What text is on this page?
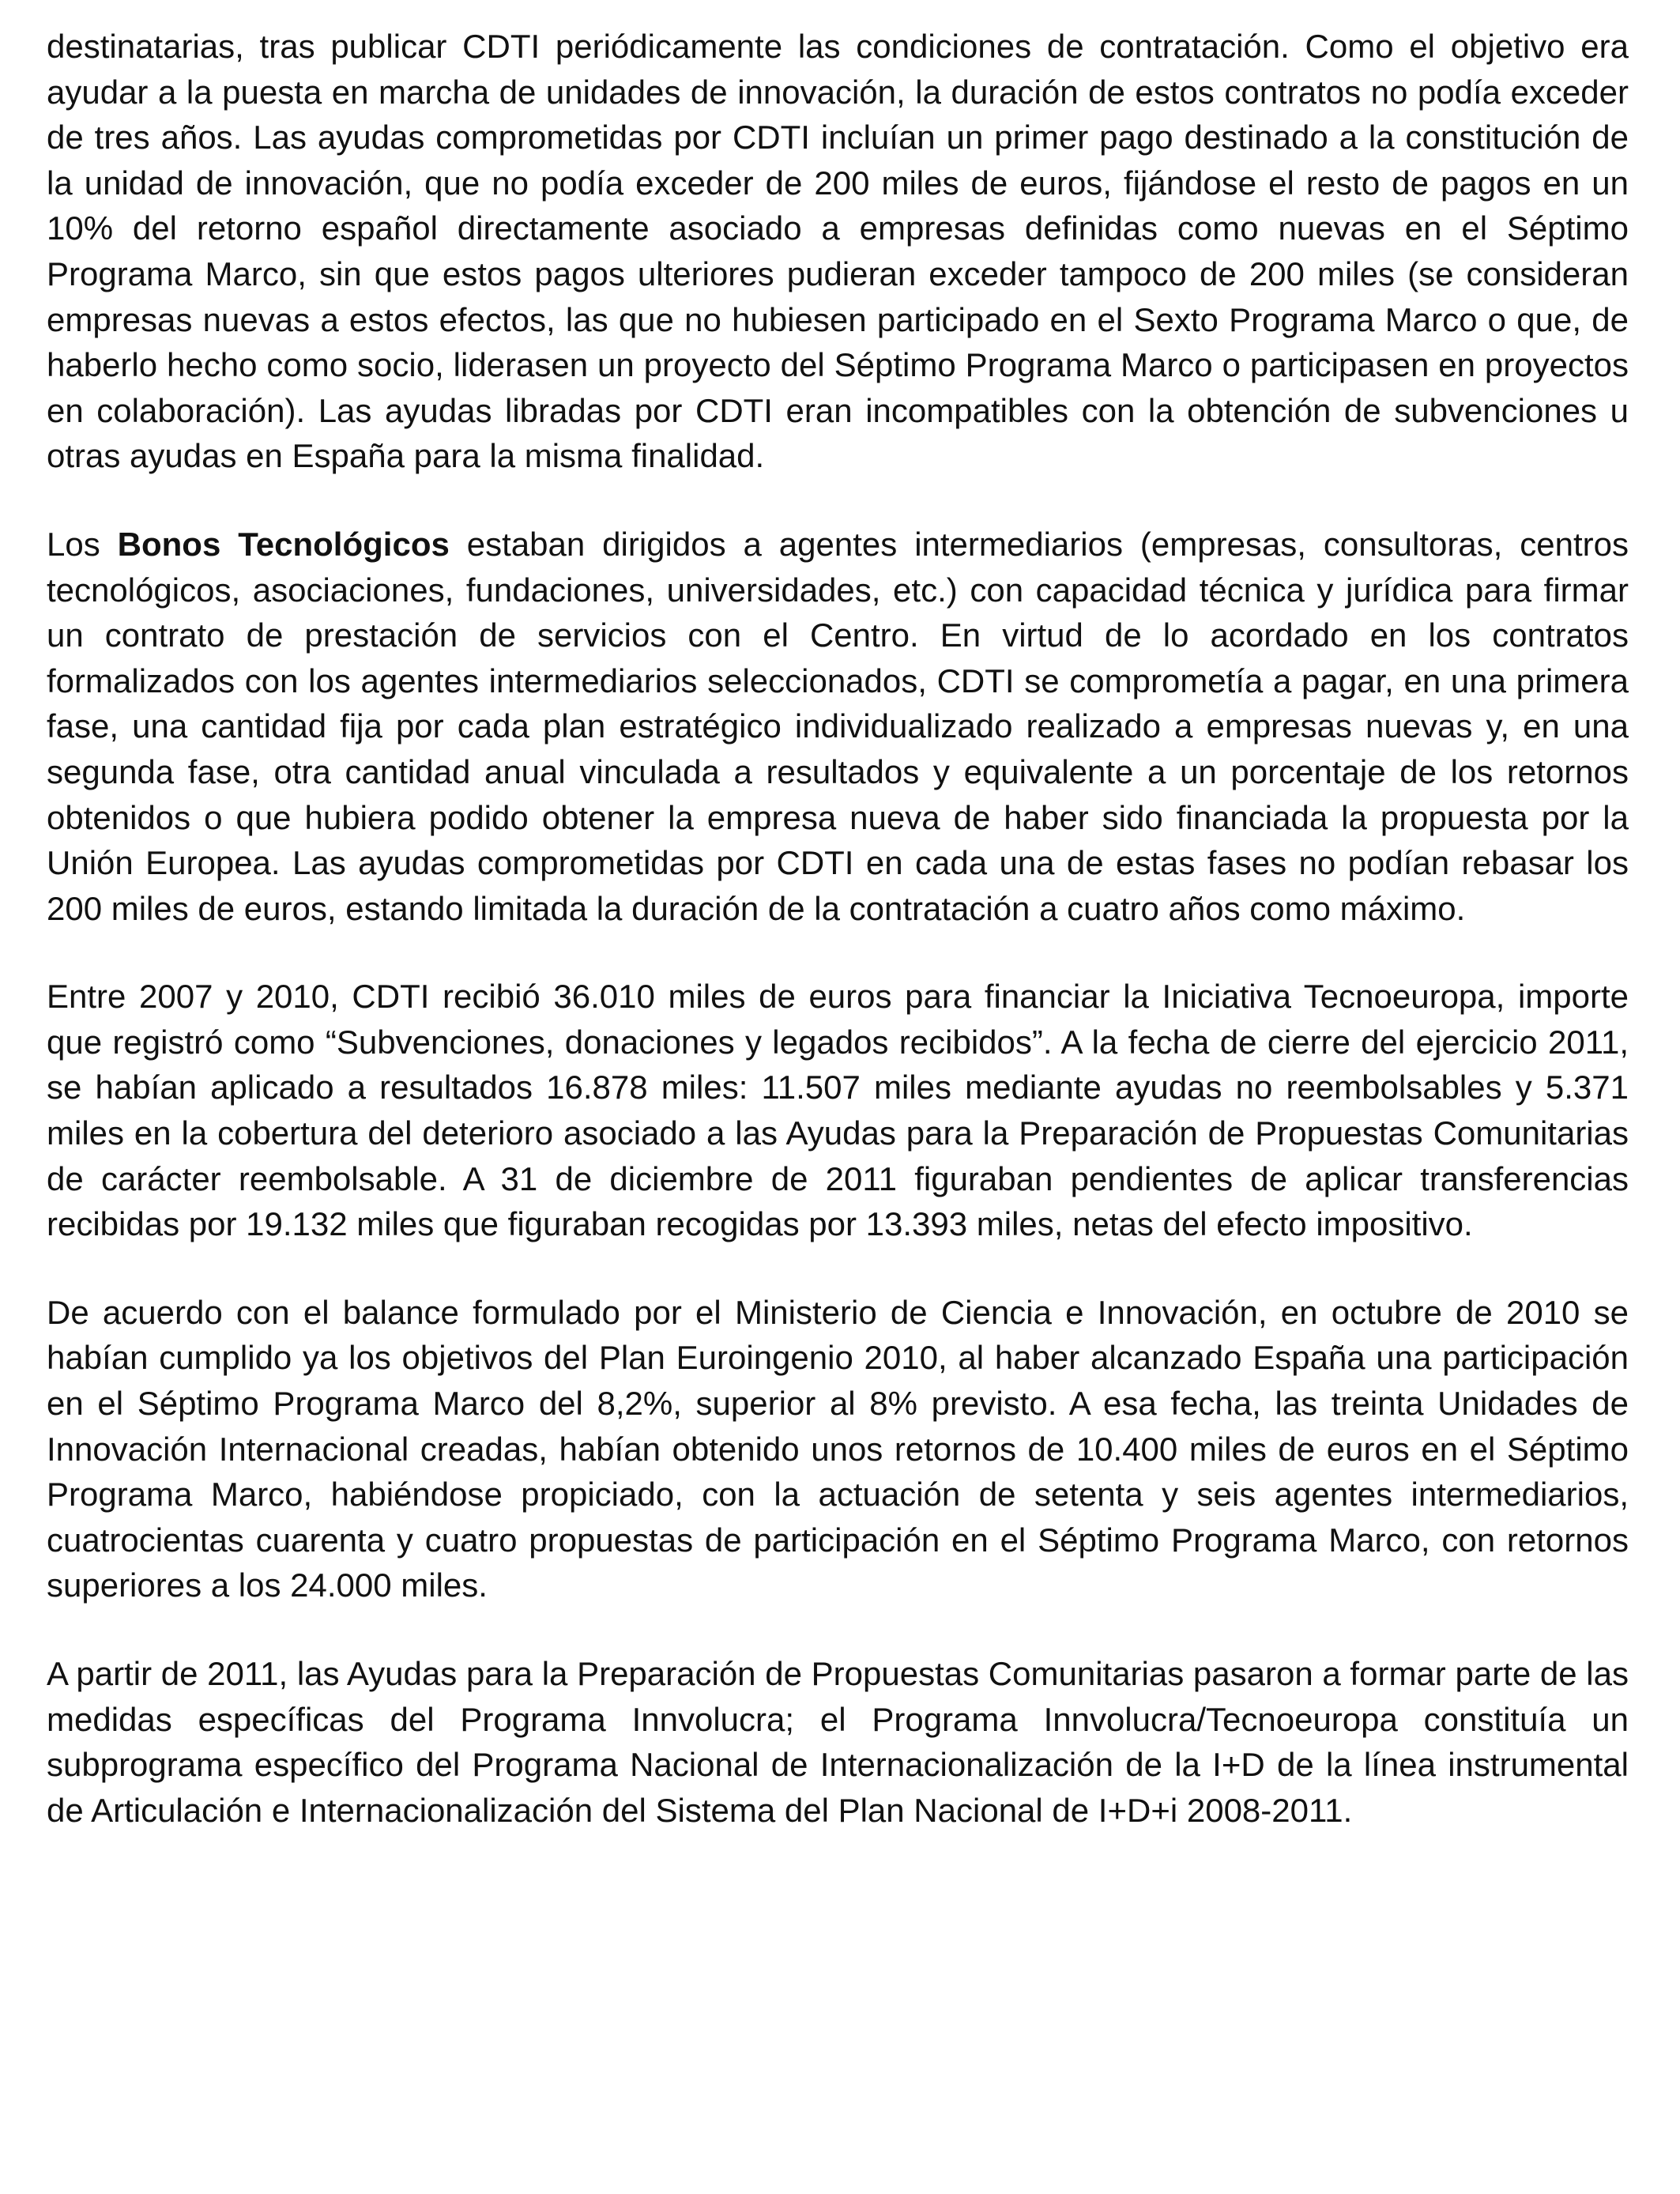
destinatarias, tras publicar CDTI periódicamente las condiciones de contratación. Como el objetivo era ayudar a la puesta en marcha de unidades de innovación, la duración de estos contratos no podía exceder de tres años. Las ayudas comprometidas por CDTI incluían un primer pago destinado a la constitución de la unidad de innovación, que no podía exceder de 200 miles de euros, fijándose el resto de pagos en un 10% del retorno español directamente asociado a empresas definidas como nuevas en el Séptimo Programa Marco, sin que estos pagos ulteriores pudieran exceder tampoco de 200 miles (se consideran empresas nuevas a estos efectos, las que no hubiesen participado en el Sexto Programa Marco o que, de haberlo hecho como socio, liderasen un proyecto del Séptimo Programa Marco o participasen en proyectos en colaboración). Las ayudas libradas por CDTI eran incompatibles con la obtención de subvenciones u otras ayudas en España para la misma finalidad.

Los Bonos Tecnológicos estaban dirigidos a agentes intermediarios (empresas, consultoras, centros tecnológicos, asociaciones, fundaciones, universidades, etc.) con capacidad técnica y jurídica para firmar un contrato de prestación de servicios con el Centro. En virtud de lo acordado en los contratos formalizados con los agentes intermediarios seleccionados, CDTI se comprometía a pagar, en una primera fase, una cantidad fija por cada plan estratégico individualizado realizado a empresas nuevas y, en una segunda fase, otra cantidad anual vinculada a resultados y equivalente a un porcentaje de los retornos obtenidos o que hubiera podido obtener la empresa nueva de haber sido financiada la propuesta por la Unión Europea. Las ayudas comprometidas por CDTI en cada una de estas fases no podían rebasar los 200 miles de euros, estando limitada la duración de la contratación a cuatro años como máximo.

Entre 2007 y 2010, CDTI recibió 36.010 miles de euros para financiar la Iniciativa Tecnoeuropa, importe que registró como “Subvenciones, donaciones y legados recibidos”. A la fecha de cierre del ejercicio 2011, se habían aplicado a resultados 16.878 miles: 11.507 miles mediante ayudas no reembolsables y 5.371 miles en la cobertura del deterioro asociado a las Ayudas para la Preparación de Propuestas Comunitarias de carácter reembolsable. A 31 de diciembre de 2011 figuraban pendientes de aplicar transferencias recibidas por 19.132 miles que figuraban recogidas por 13.393 miles, netas del efecto impositivo.

De acuerdo con el balance formulado por el Ministerio de Ciencia e Innovación, en octubre de 2010 se habían cumplido ya los objetivos del Plan Euroingenio 2010, al haber alcanzado España una participación en el Séptimo Programa Marco del 8,2%, superior al 8% previsto. A esa fecha, las treinta Unidades de Innovación Internacional creadas, habían obtenido unos retornos de 10.400 miles de euros en el Séptimo Programa Marco, habiéndose propiciado, con la actuación de setenta y seis agentes intermediarios, cuatrocientas cuarenta y cuatro propuestas de participación en el Séptimo Programa Marco, con retornos superiores a los 24.000 miles.

A partir de 2011, las Ayudas para la Preparación de Propuestas Comunitarias pasaron a formar parte de las medidas específicas del Programa Innvolucra; el Programa Innvolucra/Tecnoeuropa constituía un subprograma específico del Programa Nacional de Internacionalización de la I+D de la línea instrumental de Articulación e Internacionalización del Sistema del Plan Nacional de I+D+i 2008-2011.
